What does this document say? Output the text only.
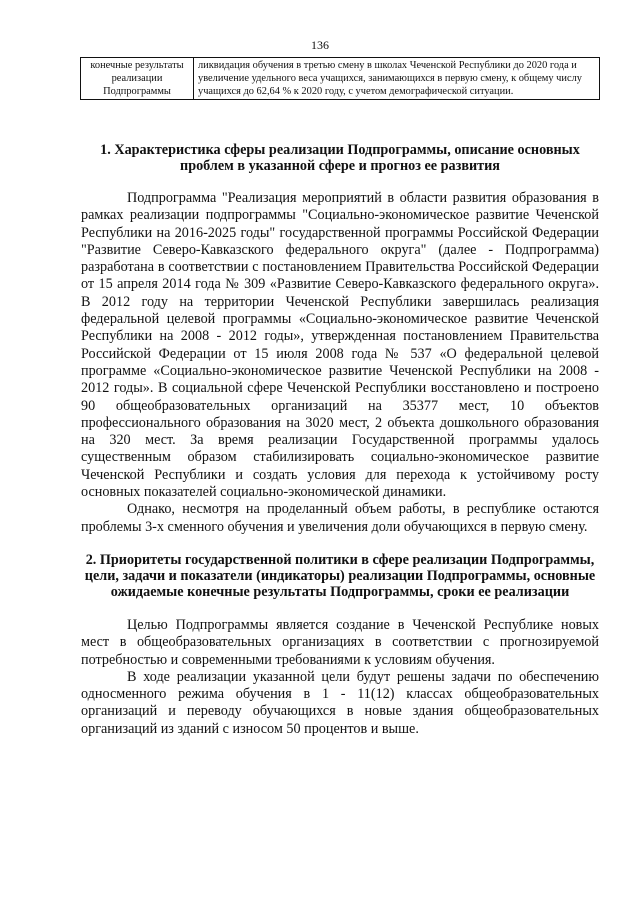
136
конечные результаты реализации Подпрограммы	ликвидация обучения в третью смену в школах Чеченской Республики до 2020 года и увеличение удельного веса учащихся, занимающихся в первую смену, к общему числу учащихся до 62,64 % к 2020 году, с учетом демографической ситуации.
1. Характеристика сферы реализации Подпрограммы, описание основных проблем в указанной сфере и прогноз ее развития

Подпрограмма "Реализация мероприятий в области развития образования в рамках реализации подпрограммы "Социально-экономическое развитие Чеченской Республики на 2016-2025 годы" государственной программы Российской Федерации "Развитие Северо-Кавказского федерального округа" (далее - Подпрограмма) разработана в соответствии с постановлением Правительства Российской Федерации от 15 апреля 2014 года № 309 «Развитие Северо-Кавказского федерального округа». В 2012 году на территории Чеченской Республики завершилась реализация федеральной целевой программы «Социально-экономическое развитие Чеченской Республики на 2008 - 2012 годы», утвержденная постановлением Правительства Российской Федерации от 15 июля 2008 года № 537 «О федеральной целевой программе «Социально-экономическое развитие Чеченской Республики на 2008 - 2012 годы». В социальной сфере Чеченской Республики восстановлено и построено 90 общеобразовательных организаций на 35377 мест, 10 объектов профессионального образования на 3020 мест, 2 объекта дошкольного образования на 320 мест. За время реализации Государственной программы удалось существенным образом стабилизировать социально-экономическое развитие Чеченской Республики и создать условия для перехода к устойчивому росту основных показателей социально-экономической динамики.

Однако, несмотря на проделанный объем работы, в республике остаются проблемы 3-х сменного обучения и увеличения доли обучающихся в первую смену.

2. Приоритеты государственной политики в сфере реализации Подпрограммы, цели, задачи и показатели (индикаторы) реализации Подпрограммы, основные ожидаемые конечные результаты Подпрограммы, сроки ее реализации

Целью Подпрограммы является создание в Чеченской Республике новых мест в общеобразовательных организациях в соответствии с прогнозируемой потребностью и современными требованиями к условиям обучения.

В ходе реализации указанной цели будут решены задачи по обеспечению односменного режима обучения в 1 - 11(12) классах общеобразовательных организаций и переводу обучающихся в новые здания общеобразовательных организаций из зданий с износом 50 процентов и выше.
